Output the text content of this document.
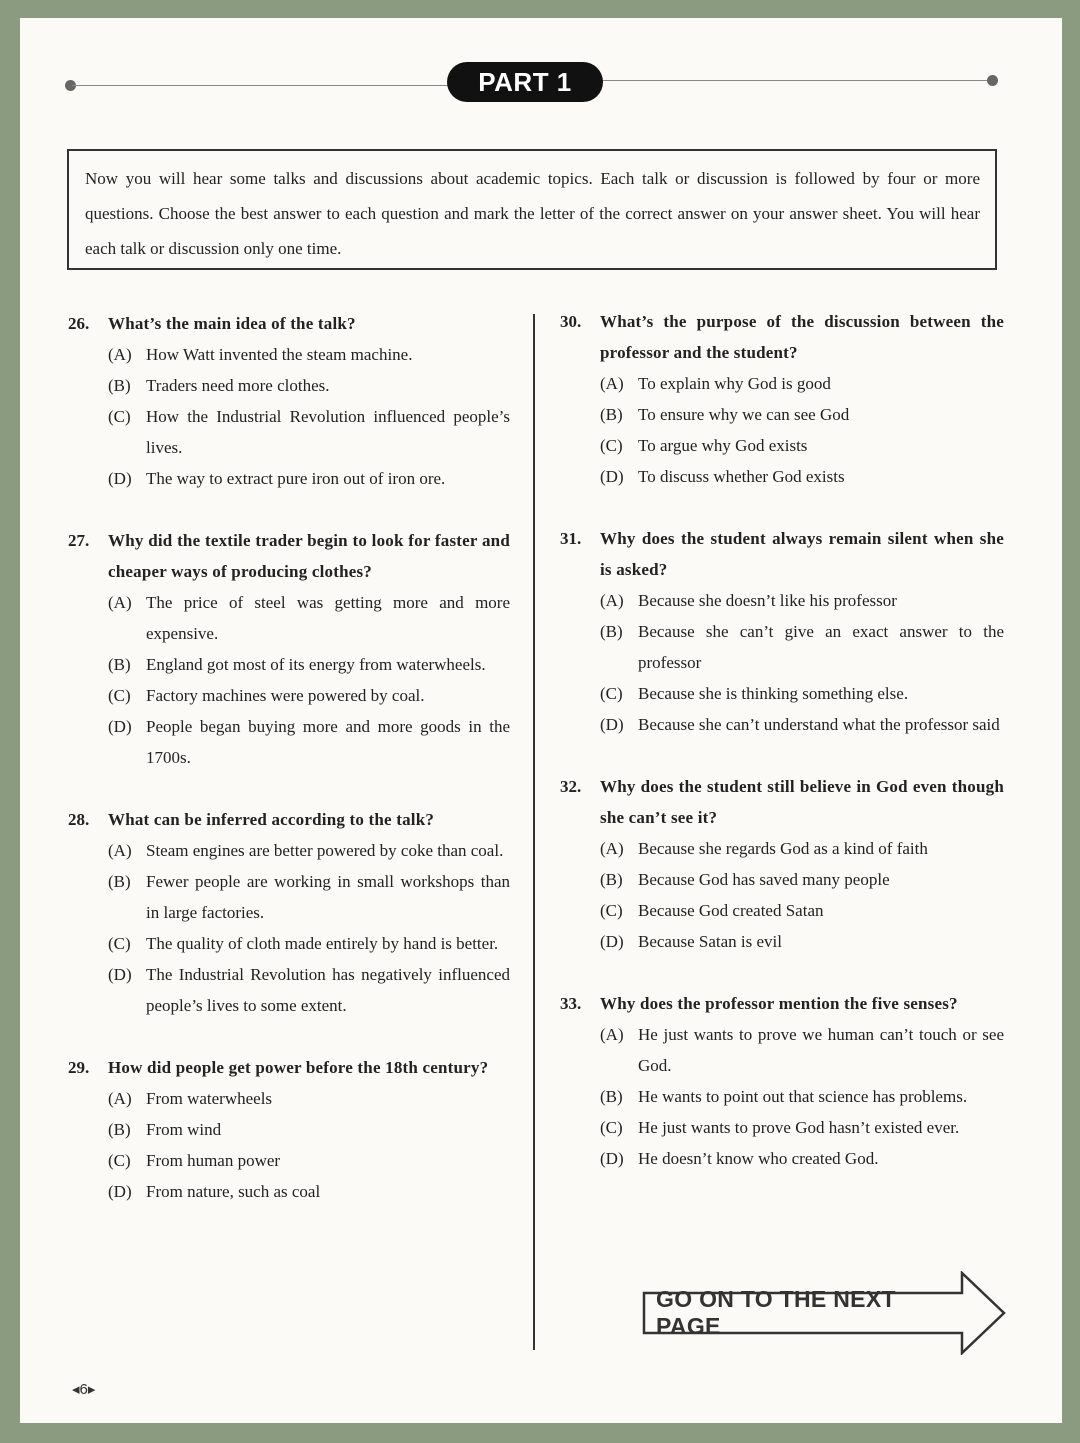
PART 1
Now you will hear some talks and discussions about academic topics. Each talk or discussion is followed by four or more questions. Choose the best answer to each question and mark the letter of the correct answer on your answer sheet. You will hear each talk or discussion only one time.
26.	What’s the main idea of the talk?
(A) How Watt invented the steam machine.
(B) Traders need more clothes.
(C) How the Industrial Revolution influenced people’s lives.
(D) The way to extract pure iron out of iron ore.
27.	Why did the textile trader begin to look for faster and cheaper ways of producing clothes?
(A) The price of steel was getting more and more expensive.
(B) England got most of its energy from waterwheels.
(C) Factory machines were powered by coal.
(D) People began buying more and more goods in the 1700s.
28.	What can be inferred according to the talk?
(A) Steam engines are better powered by coke than coal.
(B) Fewer people are working in small workshops than in large factories.
(C) The quality of cloth made entirely by hand is better.
(D) The Industrial Revolution has negatively influenced people’s lives to some extent.
29.	How did people get power before the 18th century?
(A) From waterwheels
(B) From wind
(C) From human power
(D) From nature, such as coal
30.	What’s the purpose of the discussion between the professor and the student?
(A) To explain why God is good
(B) To ensure why we can see God
(C) To argue why God exists
(D) To discuss whether God exists
31.	Why does the student always remain silent when she is asked?
(A) Because she doesn’t like his professor
(B) Because she can’t give an exact answer to the professor
(C) Because she is thinking something else.
(D) Because she can’t understand what the professor said
32.	Why does the student still believe in God even though she can’t see it?
(A) Because she regards God as a kind of faith
(B) Because God has saved many people
(C) Because God created Satan
(D) Because Satan is evil
33.	Why does the professor mention the five senses?
(A) He just wants to prove we human can’t touch or see God.
(B) He wants to point out that science has problems.
(C) He just wants to prove God hasn’t existed ever.
(D) He doesn’t know who created God.
GO ON TO THE NEXT PAGE
◂6▸
